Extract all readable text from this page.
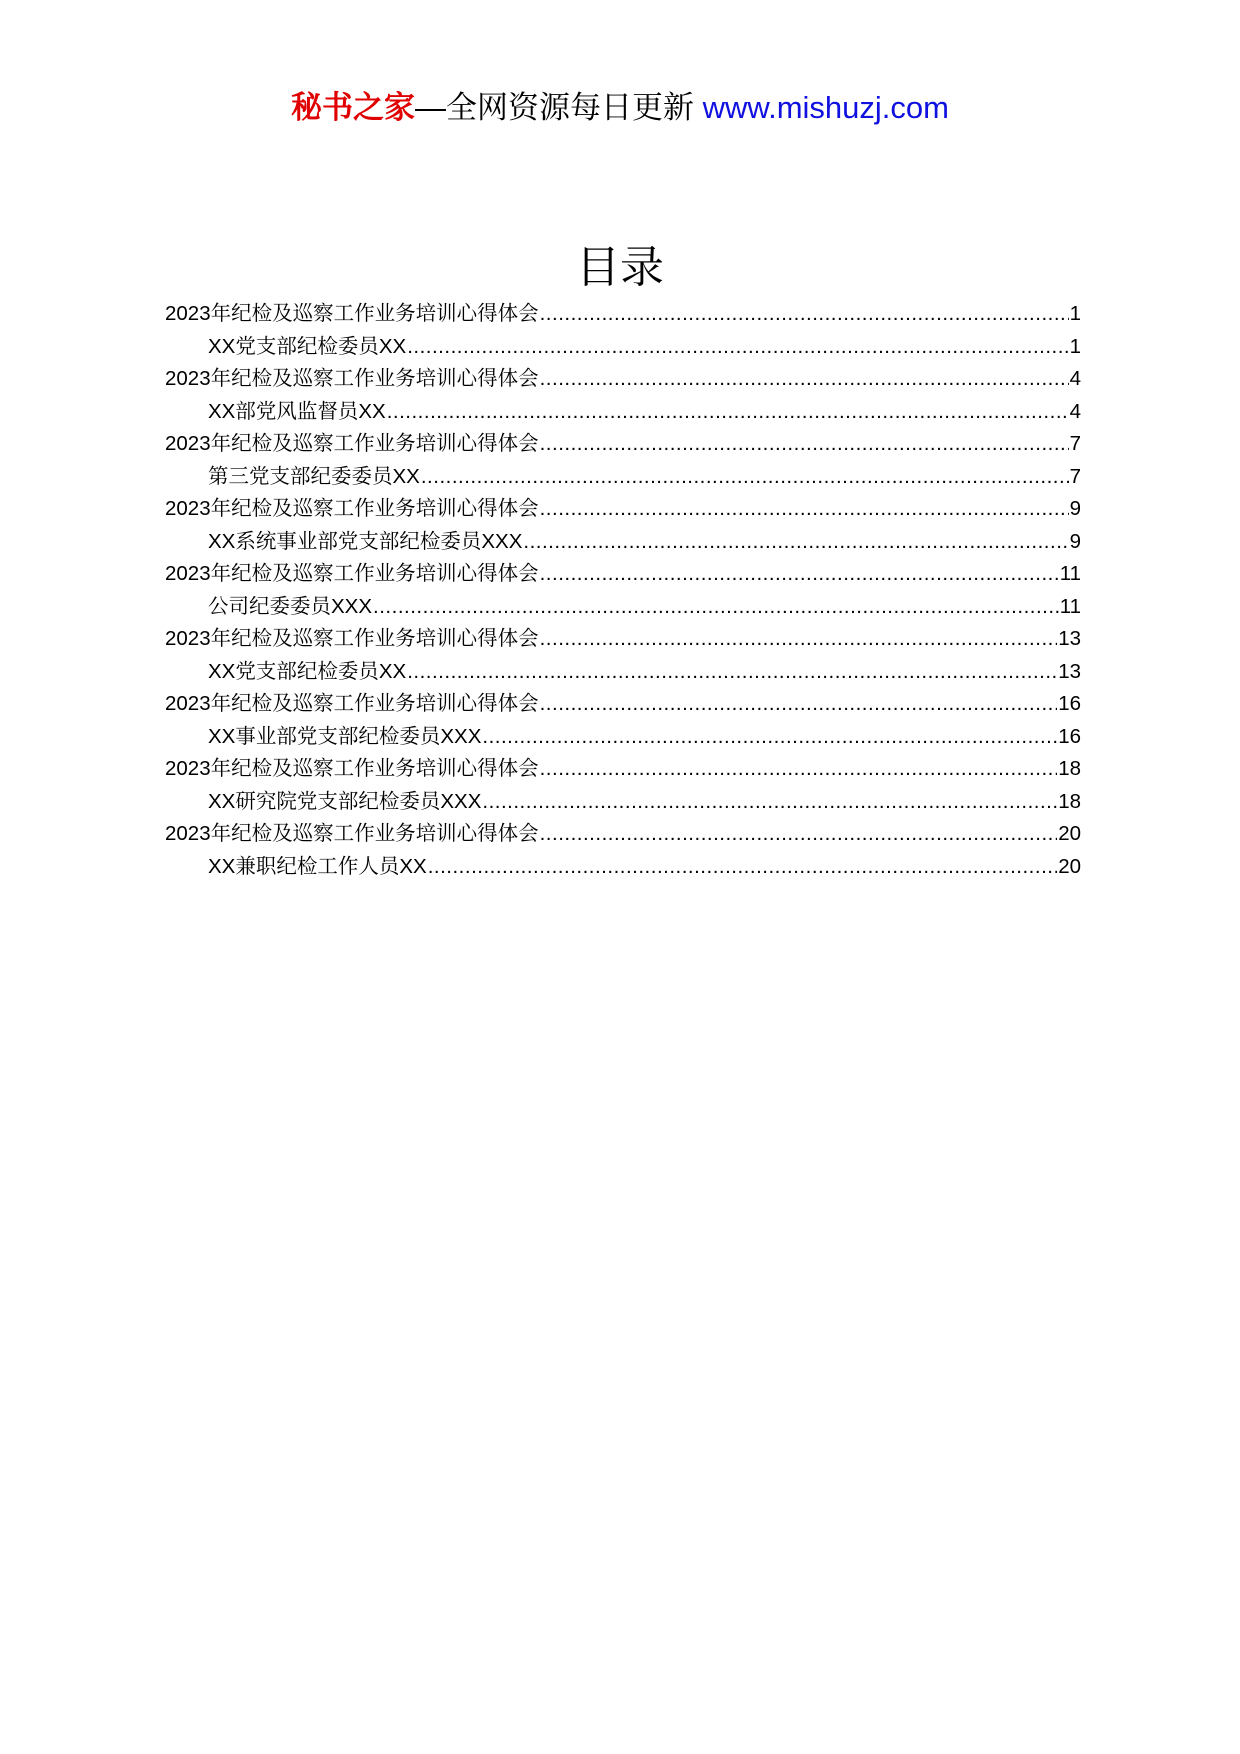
秘书之家—全网资源每日更新 www.mishuzj.com
目录
2023年纪检及巡察工作业务培训心得体会 .....	1
XX党支部纪检委员XX .....	1
2023年纪检及巡察工作业务培训心得体会 .....	4
XX部党风监督员XX .....	4
2023年纪检及巡察工作业务培训心得体会 .....	7
第三党支部纪委委员XX .....	7
2023年纪检及巡察工作业务培训心得体会 .....	9
XX系统事业部党支部纪检委员XXX .....	9
2023年纪检及巡察工作业务培训心得体会 .....	11
公司纪委委员XXX .....	11
2023年纪检及巡察工作业务培训心得体会 .....	13
XX党支部纪检委员XX .....	13
2023年纪检及巡察工作业务培训心得体会 .....	16
XX事业部党支部纪检委员XXX .....	16
2023年纪检及巡察工作业务培训心得体会 .....	18
XX研究院党支部纪检委员XXX .....	18
2023年纪检及巡察工作业务培训心得体会 .....	20
XX兼职纪检工作人员XX .....	20
